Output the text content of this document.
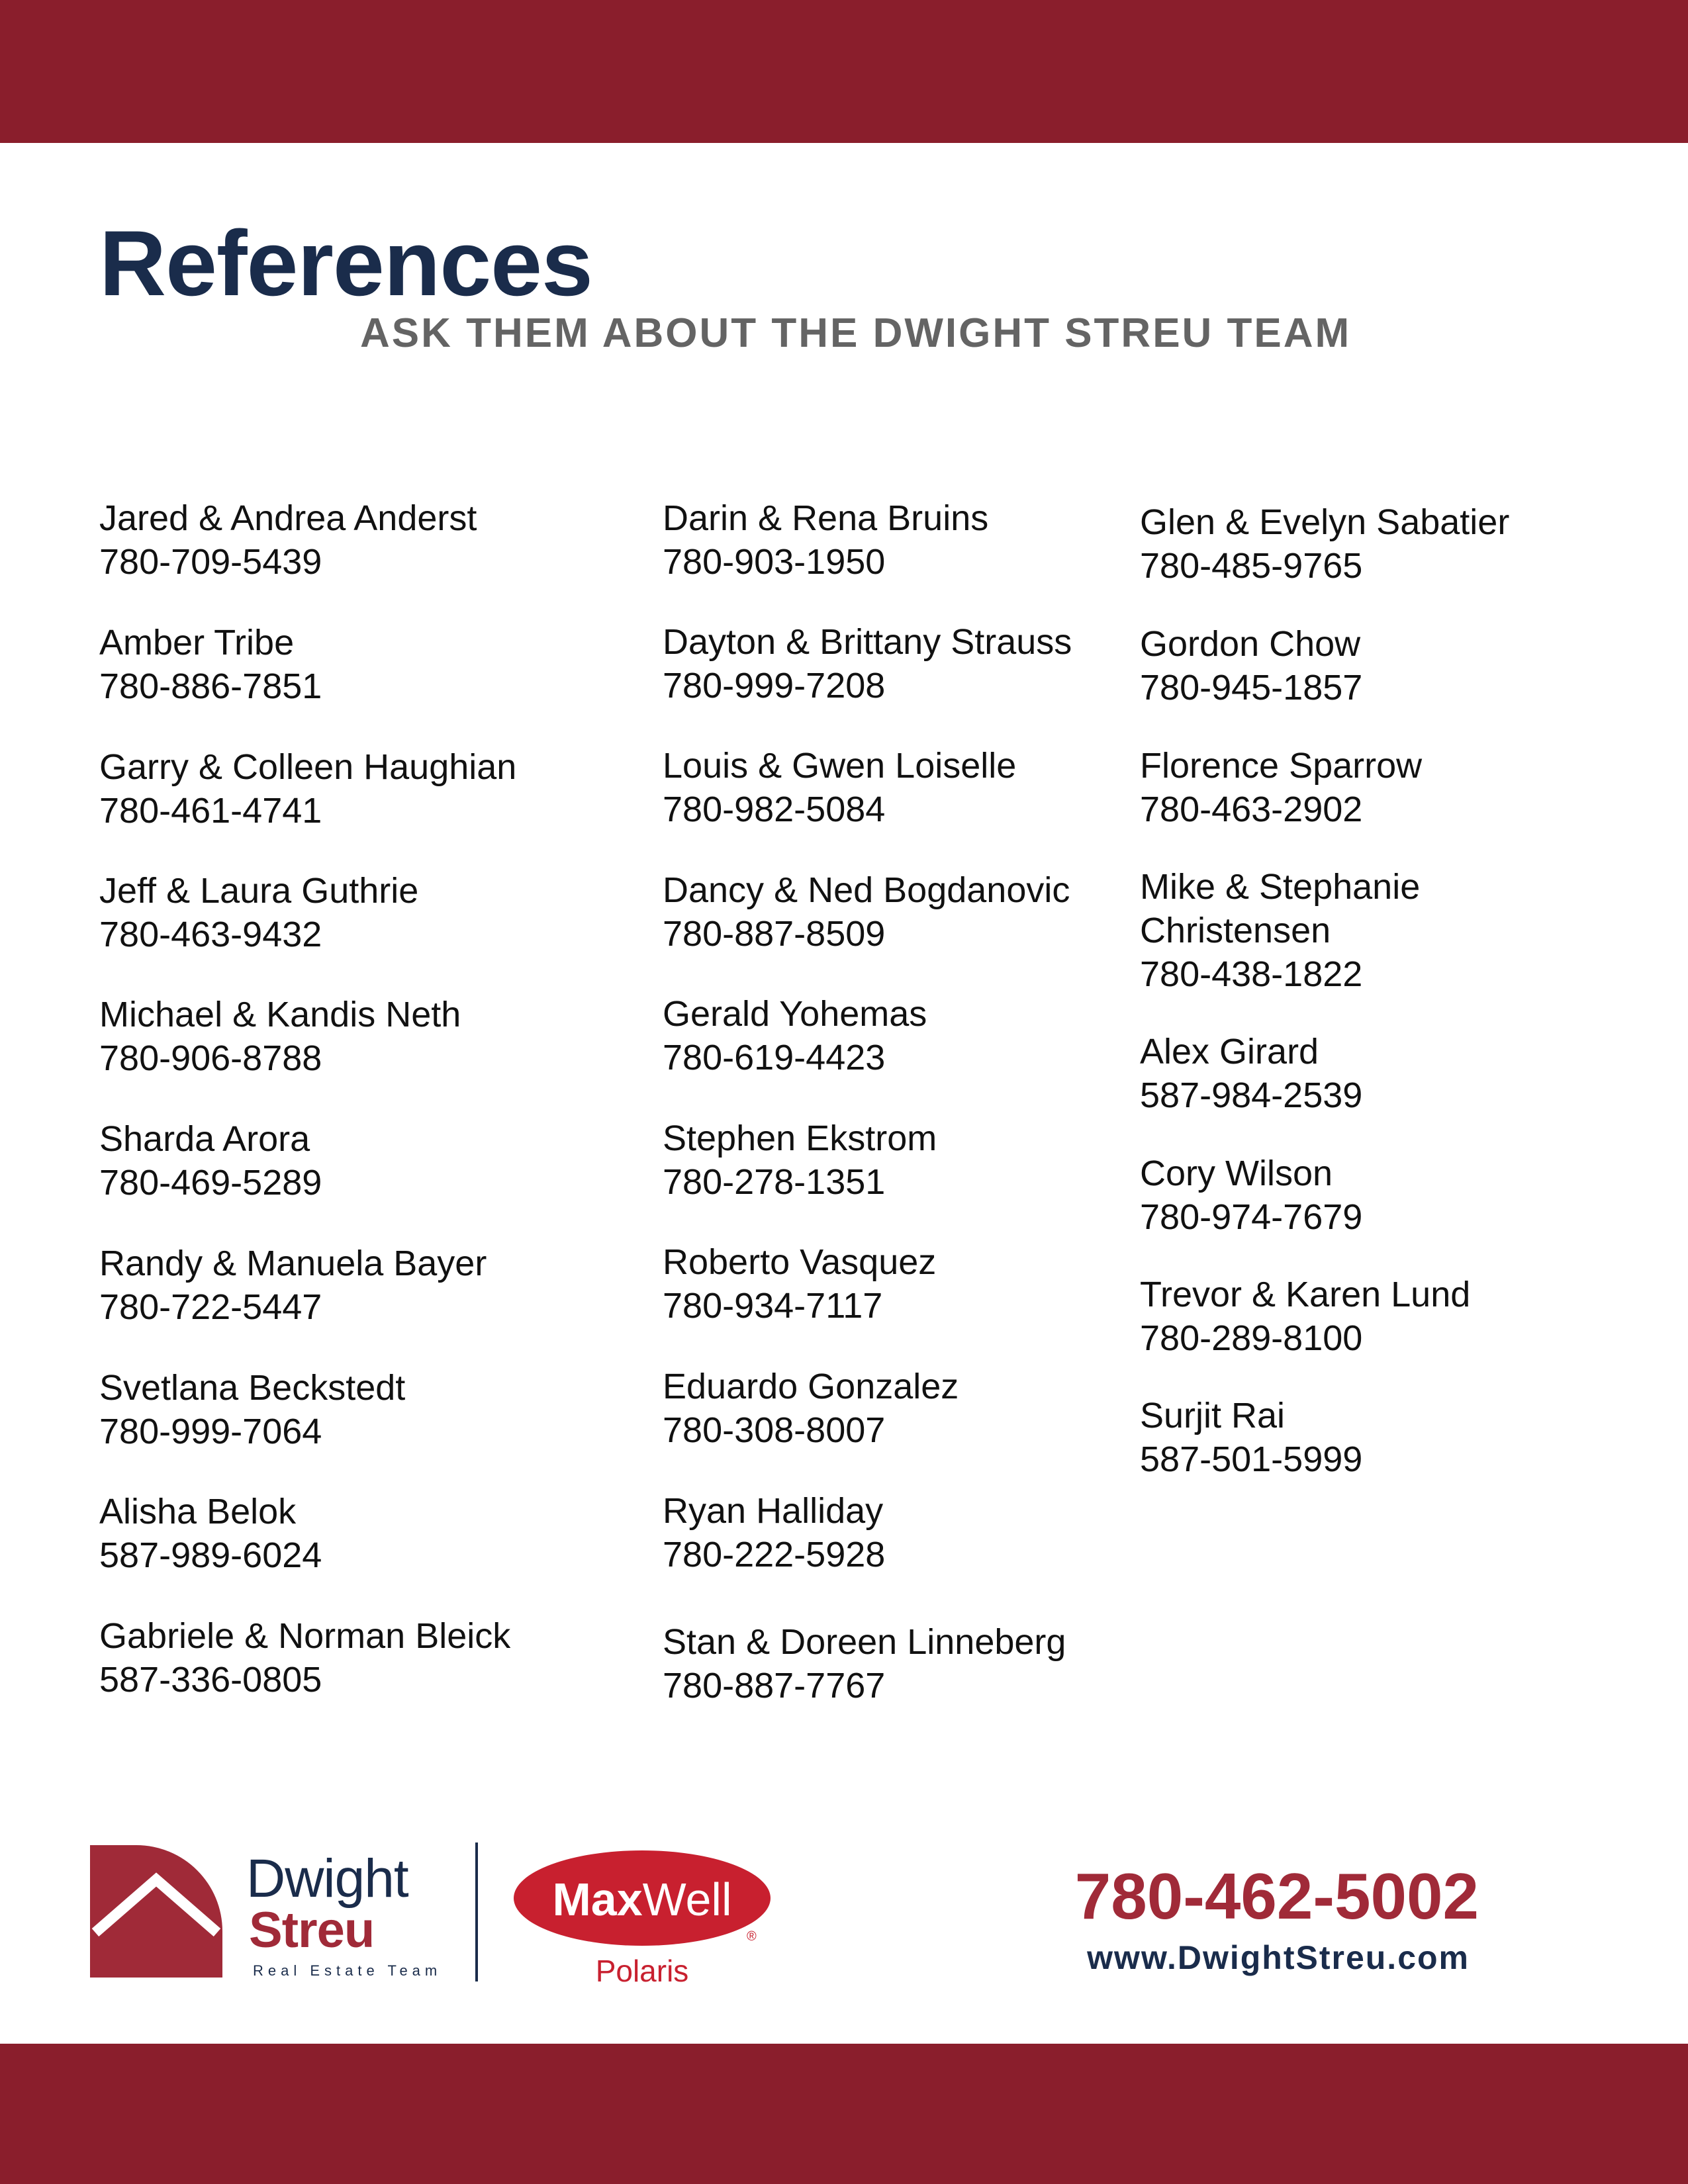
References
ASK THEM ABOUT THE DWIGHT STREU TEAM
Jared & Andrea Anderst
780-709-5439
Amber Tribe
780-886-7851
Garry & Colleen Haughian
780-461-4741
Jeff & Laura Guthrie
780-463-9432
Michael & Kandis Neth
780-906-8788
Sharda Arora
780-469-5289
Randy & Manuela Bayer
780-722-5447
Svetlana Beckstedt
780-999-7064
Alisha Belok
587-989-6024
Gabriele & Norman Bleick
587-336-0805
Darin & Rena Bruins
780-903-1950
Dayton & Brittany Strauss
780-999-7208
Louis & Gwen Loiselle
780-982-5084
Dancy & Ned Bogdanovic
780-887-8509
Gerald Yohemas
780-619-4423
Stephen Ekstrom
780-278-1351
Roberto Vasquez
780-934-7117
Eduardo Gonzalez
780-308-8007
Ryan Halliday
780-222-5928
Stan & Doreen Linneberg
780-887-7767
Glen & Evelyn Sabatier
780-485-9765
Gordon Chow
780-945-1857
Florence Sparrow
780-463-2902
Mike & Stephanie
Christensen
780-438-1822
Alex Girard
587-984-2539
Cory Wilson
780-974-7679
Trevor & Karen Lund
780-289-8100
Surjit Rai
587-501-5999
Dwight
Streu
Real Estate Team
MaxWell
®
Polaris
780-462-5002
www.DwightStreu.com
